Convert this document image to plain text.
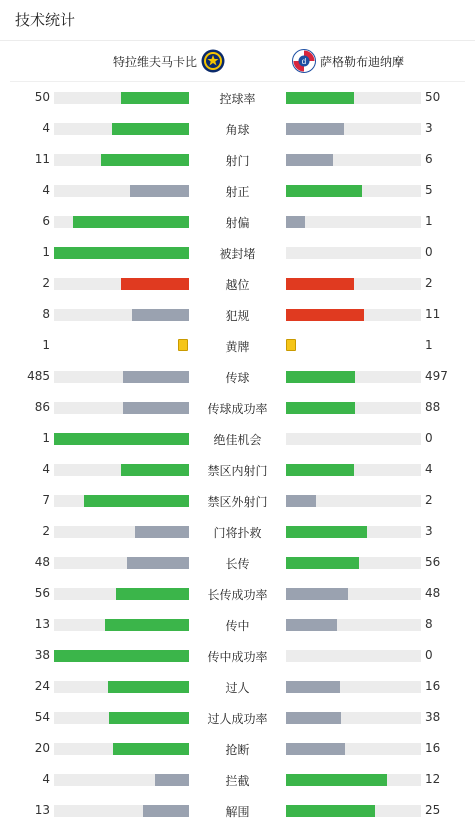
技术统计
特拉维夫马卡比	d 萨格勒布迪纳摩
50	控球率	50
4	角球	3
11	射门	6
4	射正	5
6	射偏	1
1	被封堵	0
2	越位	2
8	犯规	11
1	黄牌	1
485	传球	497
86	传球成功率	88
1	绝佳机会	0
4	禁区内射门	4
7	禁区外射门	2
2	门将扑救	3
48	长传	56
56	长传成功率	48
13	传中	8
38	传中成功率	0
24	过人	16
54	过人成功率	38
20	抢断	16
4	拦截	12
13	解围	25
